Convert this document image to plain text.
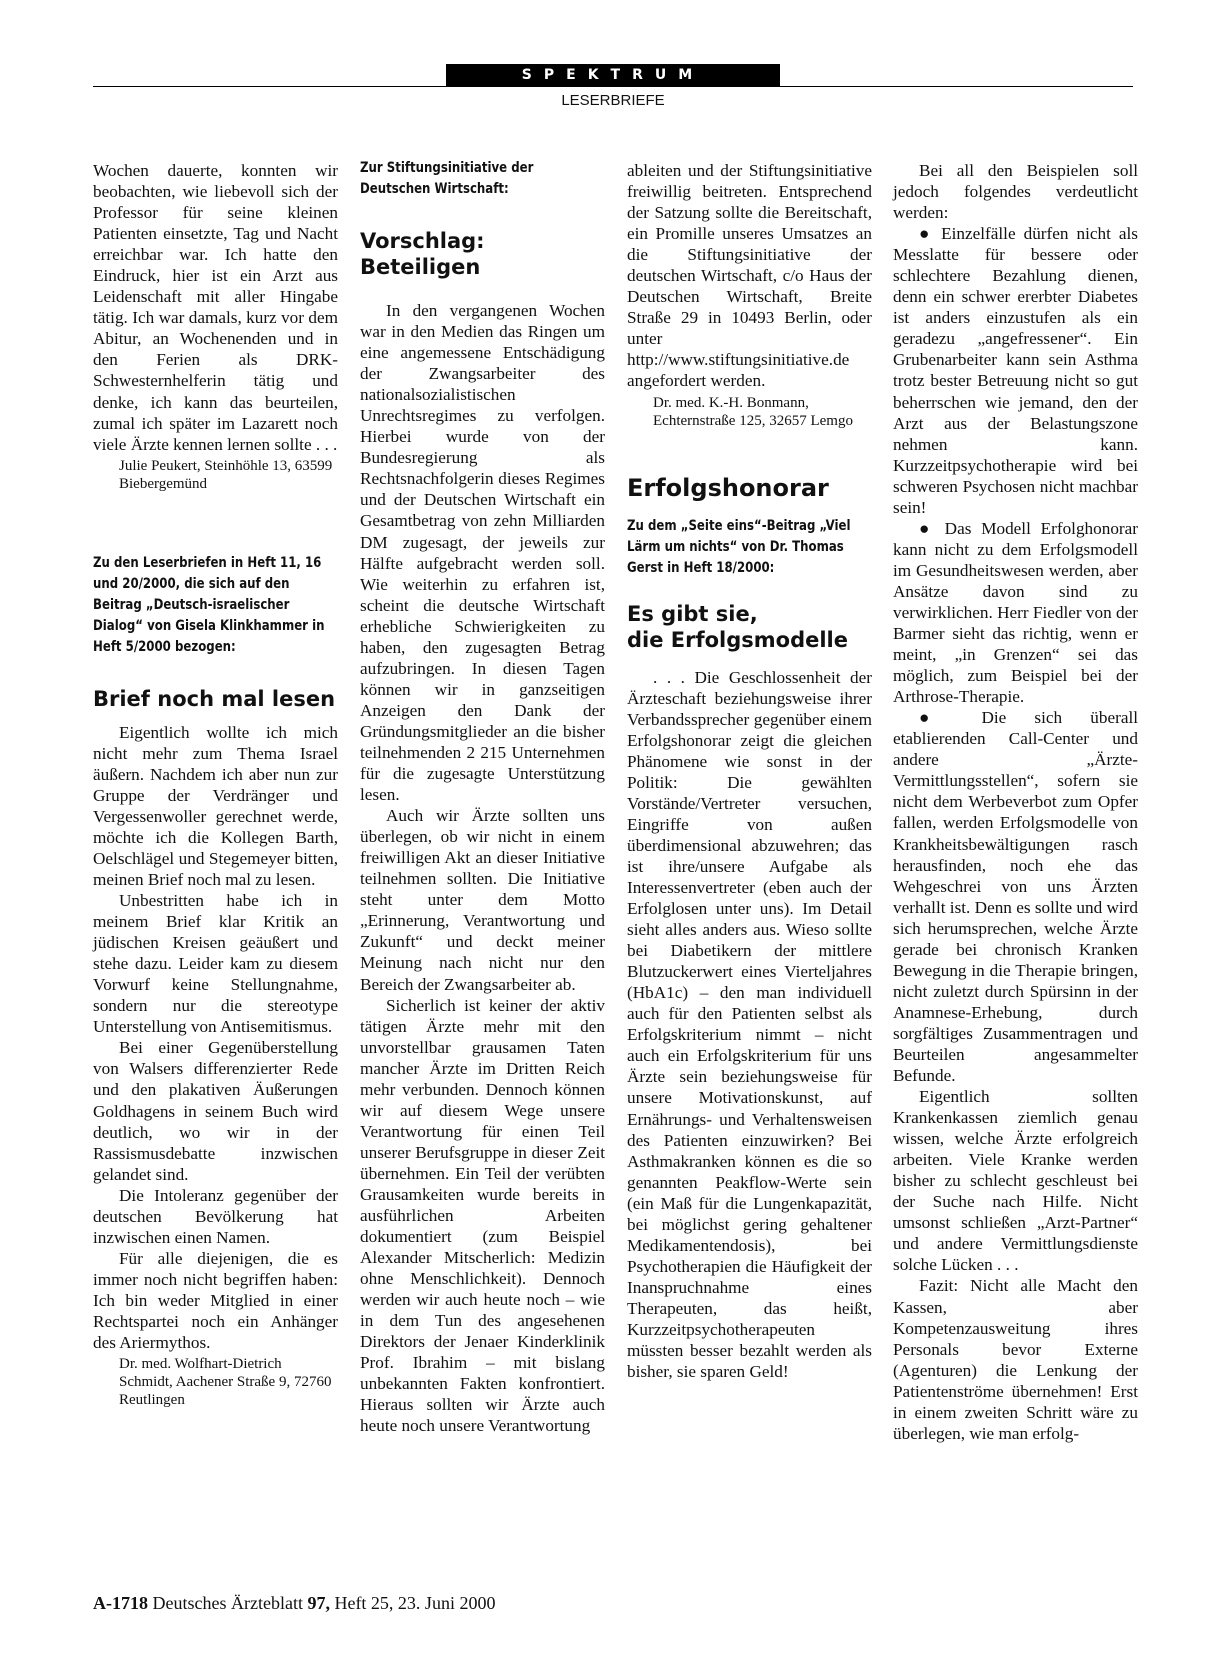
SPEKTRUM
LESERBRIEFE

Wochen dauerte, konnten wir beobachten, wie liebevoll sich der Professor für seine kleinen Patienten einsetzte, Tag und Nacht erreichbar war. Ich hatte den Eindruck, hier ist ein Arzt aus Leidenschaft mit aller Hingabe tätig. Ich war damals, kurz vor dem Abitur, an Wochenenden und in den Ferien als DRK-Schwesternhelferin tätig und denke, ich kann das beurteilen, zumal ich später im Lazarett noch viele Ärzte kennen lernen sollte . . .

Julie Peukert, Steinhöhle 13, 63599 Biebergemünd

Zu den Leserbriefen in Heft 11, 16 und 20/2000, die sich auf den Beitrag „Deutsch-israelischer Dialog“ von Gisela Klinkhammer in Heft 5/2000 bezogen:

Brief noch mal lesen

Eigentlich wollte ich mich nicht mehr zum Thema Israel äußern. Nachdem ich aber nun zur Gruppe der Verdränger und Vergessenwoller gerechnet werde, möchte ich die Kollegen Barth, Oelschlägel und Stegemeyer bitten, meinen Brief noch mal zu lesen.

Unbestritten habe ich in meinem Brief klar Kritik an jüdischen Kreisen geäußert und stehe dazu. Leider kam zu diesem Vorwurf keine Stellungnahme, sondern nur die stereotype Unterstellung von Antisemitismus.

Bei einer Gegenüberstellung von Walsers differenzierter Rede und den plakativen Äußerungen Goldhagens in seinem Buch wird deutlich, wo wir in der Rassismusdebatte inzwischen gelandet sind.

Die Intoleranz gegenüber der deutschen Bevölkerung hat inzwischen einen Namen.

Für alle diejenigen, die es immer noch nicht begriffen haben: Ich bin weder Mitglied in einer Rechtspartei noch ein Anhänger des Ariermythos.

Dr. med. Wolfhart-Dietrich Schmidt, Aachener Straße 9, 72760 Reutlingen

Zur Stiftungsinitiative der Deutschen Wirtschaft:

Vorschlag: Beteiligen

In den vergangenen Wochen war in den Medien das Ringen um eine angemessene Entschädigung der Zwangsarbeiter des nationalsozialistischen Unrechtsregimes zu verfolgen. Hierbei wurde von der Bundesregierung als Rechtsnachfolgerin dieses Regimes und der Deutschen Wirtschaft ein Gesamtbetrag von zehn Milliarden DM zugesagt, der jeweils zur Hälfte aufgebracht werden soll. Wie weiterhin zu erfahren ist, scheint die deutsche Wirtschaft erhebliche Schwierigkeiten zu haben, den zugesagten Betrag aufzubringen. In diesen Tagen können wir in ganzseitigen Anzeigen den Dank der Gründungsmitglieder an die bisher teilnehmenden 2 215 Unternehmen für die zugesagte Unterstützung lesen.

Auch wir Ärzte sollten uns überlegen, ob wir nicht in einem freiwilligen Akt an dieser Initiative teilnehmen sollten. Die Initiative steht unter dem Motto „Erinnerung, Verantwortung und Zukunft“ und deckt meiner Meinung nach nicht nur den Bereich der Zwangsarbeiter ab.

Sicherlich ist keiner der aktiv tätigen Ärzte mehr mit den unvorstellbar grausamen Taten mancher Ärzte im Dritten Reich mehr verbunden. Dennoch können wir auf diesem Wege unsere Verantwortung für einen Teil unserer Berufsgruppe in dieser Zeit übernehmen. Ein Teil der verübten Grausamkeiten wurde bereits in ausführlichen Arbeiten dokumentiert (zum Beispiel Alexander Mitscherlich: Medizin ohne Menschlichkeit). Dennoch werden wir auch heute noch – wie in dem Tun des angesehenen Direktors der Jenaer Kinderklinik Prof. Ibrahim – mit bislang unbekannten Fakten konfrontiert. Hieraus sollten wir Ärzte auch heute noch unsere Verantwortung

ableiten und der Stiftungsinitiative freiwillig beitreten. Entsprechend der Satzung sollte die Bereitschaft, ein Promille unseres Umsatzes an die Stiftungsinitiative der deutschen Wirtschaft, c/o Haus der Deutschen Wirtschaft, Breite Straße 29 in 10493 Berlin, oder unter http://www.stiftungsinitiative.de angefordert werden.

Dr. med. K.-H. Bonmann, Echternstraße 125, 32657 Lemgo

Erfolgshonorar

Zu dem „Seite eins“-Beitrag „Viel Lärm um nichts“ von Dr. Thomas Gerst in Heft 18/2000:

Es gibt sie,

die Erfolgsmodelle

. . . Die Geschlossenheit der Ärzteschaft beziehungsweise ihrer Verbandssprecher gegenüber einem Erfolgshonorar zeigt die gleichen Phänomene wie sonst in der Politik: Die gewählten Vorstände/Vertreter versuchen, Eingriffe von außen überdimensional abzuwehren; das ist ihre/unsere Aufgabe als Interessenvertreter (eben auch der Erfolglosen unter uns). Im Detail sieht alles anders aus. Wieso sollte bei Diabetikern der mittlere Blutzuckerwert eines Vierteljahres (HbA1c) – den man individuell auch für den Patienten selbst als Erfolgskriterium nimmt – nicht auch ein Erfolgskriterium für uns Ärzte sein beziehungsweise für unsere Motivationskunst, auf Ernährungs- und Verhaltensweisen des Patienten einzuwirken? Bei Asthmakranken können es die so genannten Peakflow-Werte sein (ein Maß für die Lungenkapazität, bei möglichst gering gehaltener Medikamentendosis), bei Psychotherapien die Häufigkeit der Inanspruchnahme eines Therapeuten, das heißt, Kurzzeitpsychotherapeuten müssten besser bezahlt werden als bisher, sie sparen Geld!

Bei all den Beispielen soll jedoch folgendes verdeutlicht werden:

● Einzelfälle dürfen nicht als Messlatte für bessere oder schlechtere Bezahlung dienen, denn ein schwer ererbter Diabetes ist anders einzustufen als ein geradezu „angefressener“. Ein Grubenarbeiter kann sein Asthma trotz bester Betreuung nicht so gut beherrschen wie jemand, den der Arzt aus der Belastungszone nehmen kann. Kurzzeitpsychotherapie wird bei schweren Psychosen nicht machbar sein!

● Das Modell Erfolghonorar kann nicht zu dem Erfolgsmodell im Gesundheitswesen werden, aber Ansätze davon sind zu verwirklichen. Herr Fiedler von der Barmer sieht das richtig, wenn er meint, „in Grenzen“ sei das möglich, zum Beispiel bei der Arthrose-Therapie.

● Die sich überall etablierenden Call-Center und andere „Ärzte-Vermittlungsstellen“, sofern sie nicht dem Werbeverbot zum Opfer fallen, werden Erfolgsmodelle von Krankheitsbewältigungen rasch herausfinden, noch ehe das Wehgeschrei von uns Ärzten verhallt ist. Denn es sollte und wird sich herumsprechen, welche Ärzte gerade bei chronisch Kranken Bewegung in die Therapie bringen, nicht zuletzt durch Spürsinn in der Anamnese-Erhebung, durch sorgfältiges Zusammentragen und Beurteilen angesammelter Befunde.

Eigentlich sollten Krankenkassen ziemlich genau wissen, welche Ärzte erfolgreich arbeiten. Viele Kranke werden bisher zu schlecht geschleust bei der Suche nach Hilfe. Nicht umsonst schließen „Arzt-Partner“ und andere Vermittlungsdienste solche Lücken . . .

Fazit: Nicht alle Macht den Kassen, aber Kompetenzausweitung ihres Personals bevor Externe (Agenturen) die Lenkung der Patientenströme übernehmen! Erst in einem zweiten Schritt wäre zu überlegen, wie man erfolg-

A-1718 Deutsches Ärzteblatt 97, Heft 25, 23. Juni 2000
